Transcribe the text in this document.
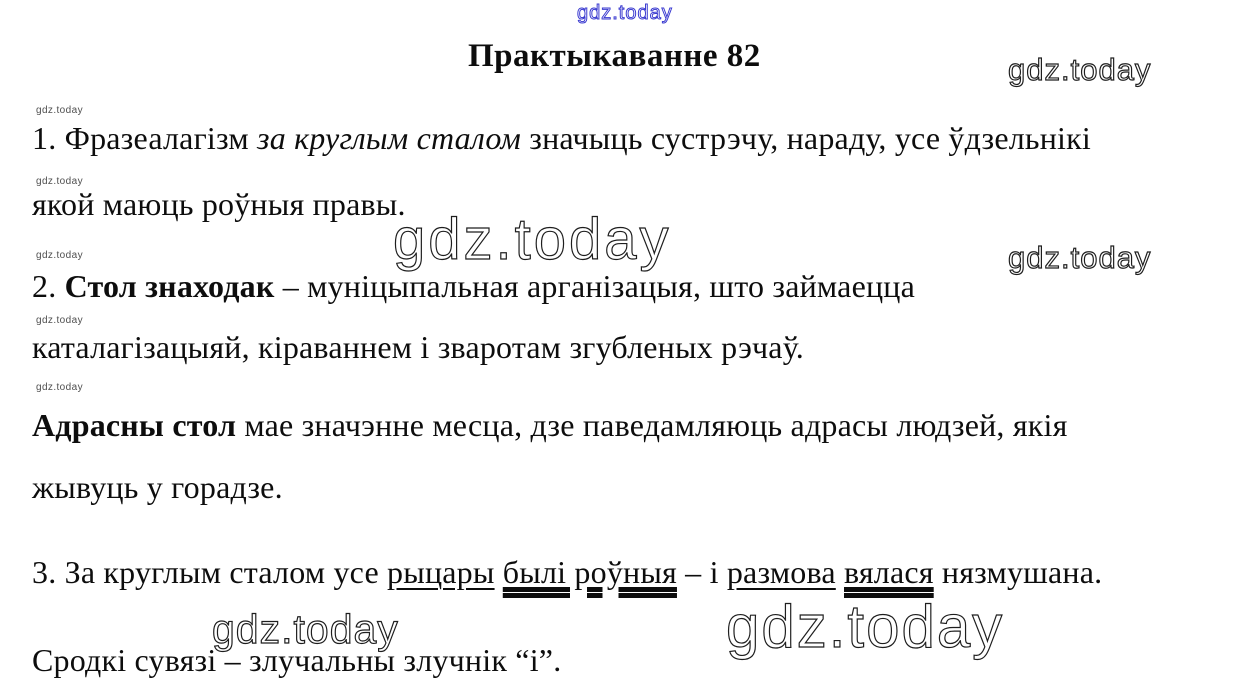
gdz.today
gdz.today
gdz.today	gdz.today
gdz.today	gdz.today
gdz.today
gdz.today
gdz.today
gdz.today
gdz.today
Практыкаванне 82
1. Фразеалагізм за круглым сталом значыць сустрэчу, нараду, усе ўдзельнікі
якой маюць роўныя правы.
2. Стол знаходак – муніцыпальная арганізацыя, што займаецца
каталагізацыяй, кіраваннем і зваротам згубленых рэчаў.
Адрасны стол мае значэнне месца, дзе паведамляюць адрасы людзей, якія
жывуць у горадзе.
3. За круглым сталом усе рыцары былі роўныя – і размова вялася нязмушана.
Сродкі сувязі – злучальны злучнік “і”.
